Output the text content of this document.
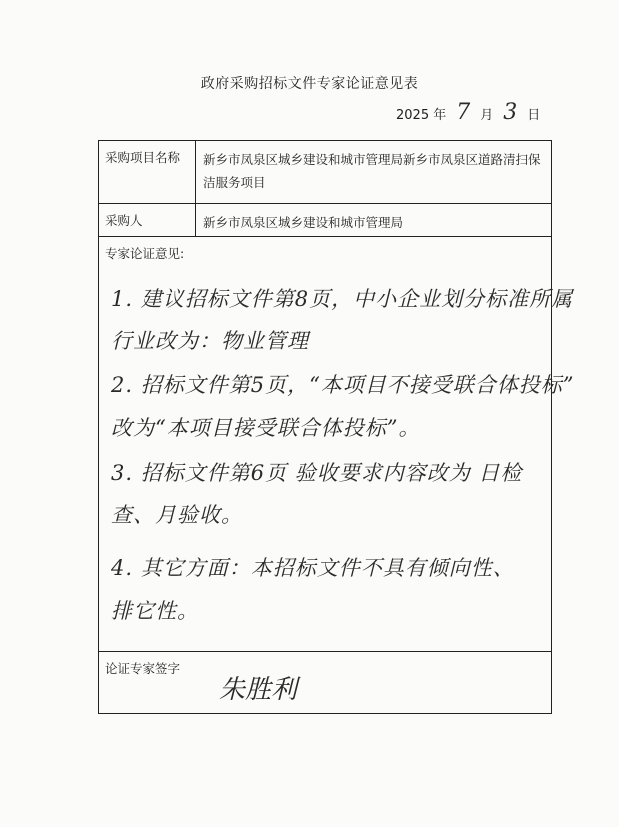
政府采购招标文件专家论证意见表
2025 年 7 月 3 日
采购项目名称 新乡市凤泉区城乡建设和城市管理局新乡市凤泉区道路清扫保洁服务项目
采购人	新乡市凤泉区城乡建设和城市管理局
专家论证意见:
1. 建议招标文件第8页，中小企业划分标准所属
行业改为：物业管理
2. 招标文件第5页，“本项目不接受联合体投标”
改为“本项目接受联合体投标”。
3. 招标文件第6页 验收要求内容改为 日检
查、月验收。
4. 其它方面：本招标文件不具有倾向性、
排它性。
论证专家签字
朱胜利
